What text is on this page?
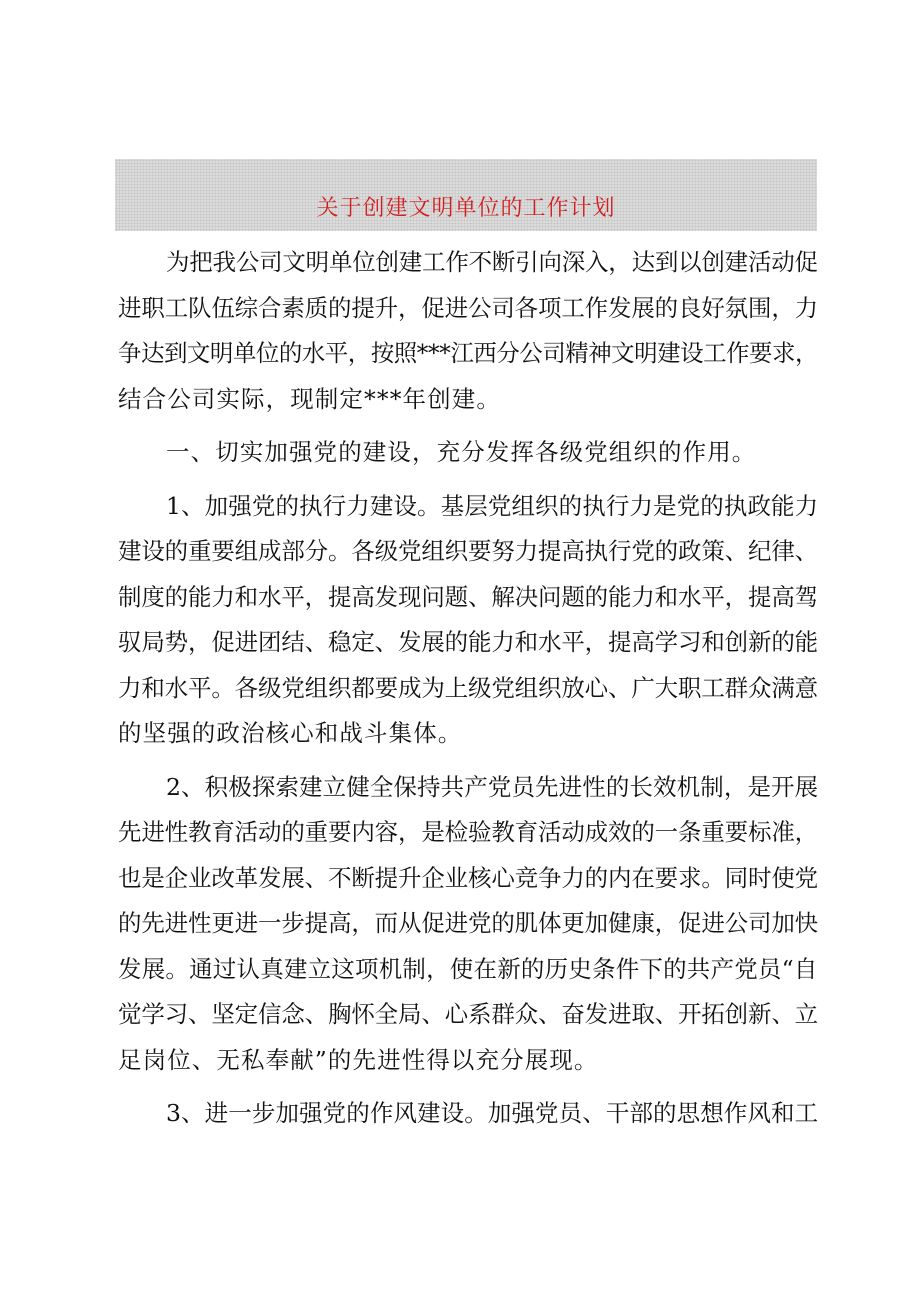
关于创建文明单位的工作计划

为把我公司文明单位创建工作不断引向深入，达到以创建活动促
进职工队伍综合素质的提升，促进公司各项工作发展的良好氛围，力
争达到文明单位的水平，按照***江西分公司精神文明建设工作要求，
结合公司实际，现制定***年创建。

一、切实加强党的建设，充分发挥各级党组织的作用。

1、加强党的执行力建设。基层党组织的执行力是党的执政能力
建设的重要组成部分。各级党组织要努力提高执行党的政策、纪律、
制度的能力和水平，提高发现问题、解决问题的能力和水平，提高驾
驭局势，促进团结、稳定、发展的能力和水平，提高学习和创新的能
力和水平。各级党组织都要成为上级党组织放心、广大职工群众满意
的坚强的政治核心和战斗集体。

2、积极探索建立健全保持共产党员先进性的长效机制，是开展
先进性教育活动的重要内容，是检验教育活动成效的一条重要标准，
也是企业改革发展、不断提升企业核心竞争力的内在要求。同时使党
的先进性更进一步提高，而从促进党的肌体更加健康，促进公司加快
发展。通过认真建立这项机制，使在新的历史条件下的共产党员“自
觉学习、坚定信念、胸怀全局、心系群众、奋发进取、开拓创新、立
足岗位、无私奉献”的先进性得以充分展现。

3、进一步加强党的作风建设。加强党员、干部的思想作风和工
